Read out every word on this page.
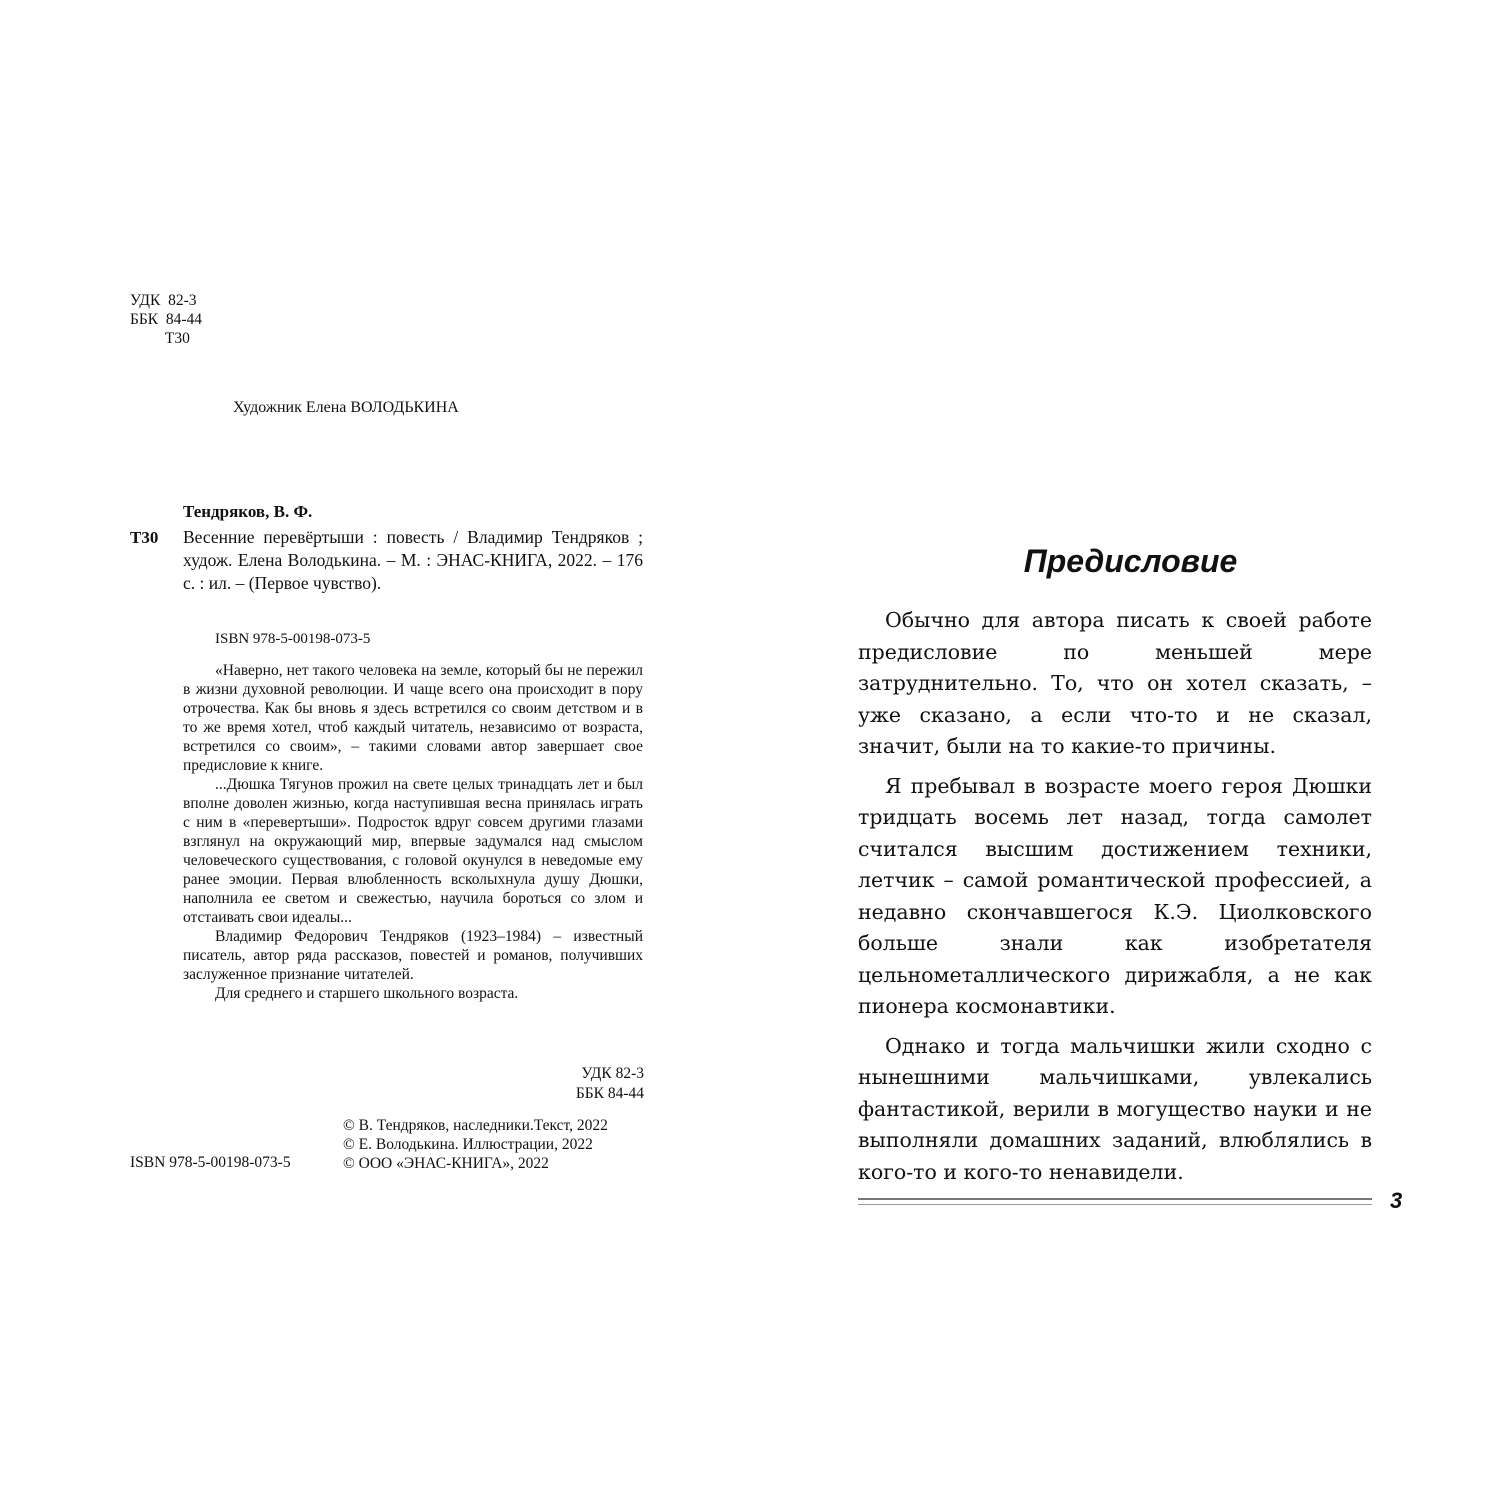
УДК  82-3
ББК  84-44
Т30
Художник Елена ВОЛОДЬКИНА
Тендряков, В. Ф.
Т30 Весенние перевёртыши : повесть / Владимир Тендряков ; худож. Елена Володькина. – М. : ЭНАС-КНИГА, 2022. – 176 с. : ил. – (Первое чувство).
ISBN 978-5-00198-073-5

«Наверно, нет такого человека на земле, который бы не пережил в жизни духовной революции. И чаще всего она происходит в пору отрочества. Как бы вновь я здесь встретился со своим детством и в то же время хотел, чтоб каждый читатель, независимо от возраста, встретился со своим», – такими словами автор завершает свое предисловие к книге.

...Дюшка Тягунов прожил на свете целых тринадцать лет и был вполне доволен жизнью, когда наступившая весна принялась играть с ним в «перевертыши». Подросток вдруг совсем другими глазами взглянул на окружающий мир, впервые задумался над смыслом человеческого существования, с головой окунулся в неведомые ему ранее эмоции. Первая влюбленность всколыхнула душу Дюшки, наполнила ее светом и свежестью, научила бороться со злом и отстаивать свои идеалы...

Владимир Федорович Тендряков (1923–1984) – известный писатель, автор ряда рассказов, повестей и романов, получивших заслуженное признание читателей.

Для среднего и старшего школьного возраста.

УДК 82-3
ББК 84-44
© В. Тендряков, наследники.Текст, 2022
© Е. Володькина. Иллюстрации, 2022
© ООО «ЭНАС-КНИГА», 2022
ISBN 978-5-00198-073-5
Предисловие

Обычно для автора писать к своей работе предисловие по меньшей мере затруднительно. То, что он хотел сказать, – уже сказано, а если что-то и не сказал, значит, были на то какие-то причины.

Я пребывал в возрасте моего героя Дюшки тридцать восемь лет назад, тогда самолет считался высшим достижением техники, летчик – самой романтической профессией, а недавно скончавшегося К.Э. Циолковского больше знали как изобретателя цельнометаллического дирижабля, а не как пионера космонавтики.

Однако и тогда мальчишки жили сходно с нынешними мальчишками, увлекались фантастикой, верили в могущество науки и не выполняли домашних заданий, влюблялись в кого-то и кого-то ненавидели.

3
